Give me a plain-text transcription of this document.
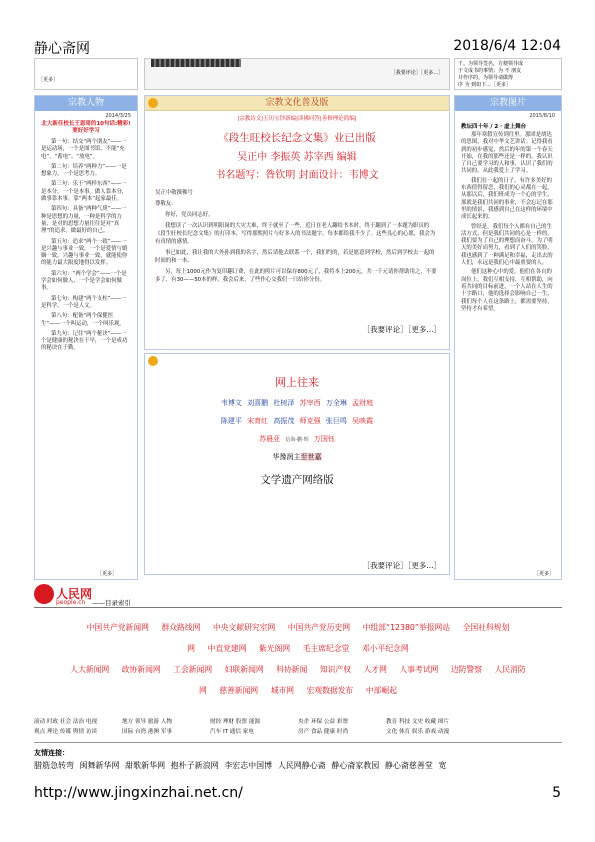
静心斋网	2018/6/4 12:04
［更多］
［我要评论］［更多...］
千。为领导签名，方便领导成
于文成书的事情；为 不 朋友
并作序的。为领导请做得
序 为 到如下...［更多］
宗教人物
2014/3/25
北大新任校长王恩哥的10句话:精彩! 要好好学习

第一句：结交“两个朋友”——一是运动场，一个是图书馆。不能“充电”、“蓄电”、“放电”。

第二句：培养“两种力”——一是想象力，一个是思考力。

第三句：乐于“两样东西”——一是本分，一个是本事。做人靠本分，做事靠本事。靠“两本”起家最佳。

第四句：具备“两种气质”——一种是思想的力量，一种是科学的力量，是对的思想力量往往是对“真理”的追求。做最好的自己。

第五句：追求“两个一致”——一是兴趣与事业一致，一个是爱情与婚姻一致。兴趣与事业一致，就能使你的能力最大限度地得以发挥。

第六句：“两个学会”——一个是学会如何做人，一个是学会如何做事。

第七句：构建“两个支柱”——一是科学，一个是人文。

第八句：配备“两个保健医生”——一个叫运动，一个叫乐观。

第九句：记住“两个秘诀”——一个是健康的秘诀在于早，一个是成功的秘诀在于勤。

［更多］
宗教文化普及版
|宗教诗文|玉历宝钞新编|读佛问答|善修理论简编|
《段生旺校长纪念文集》业已出版
吴正中 李振英 苏宰西 编辑
书名题写：昝钦明 封面设计：韦博文

吴正中敬撰佛号

尊敬友:

你好，党员同志好。

我想读了一次认识到明阳岗的大灾大难，终于就至了一些，近日在老人翻给书本时，终于翻到了一本题为职员的《段生旺校长纪念文集》的打印本，写得那熙照片与好多人的书法题字，每本都给我不少了。这些良心的心愿，我会为有真情的感情。

事已如此，我让我的大外孙到我的名字，然后请他去联系一个，我们约的，若是愿意到学校，然后到学校去一起的时间的和一本。

另，每上1000元作为复印翻订费，在此的照片可以保存800元了，我将本上200元，共一千元请你帮助用之，不要多了，有30——50本的样，我会后来，了些作心交我们一只给你分份。

［我要评论］［更多...］
网上往来
韦博文 刘喜鹏 杜树泽 苏宰西 万全琳 孟财庭
陈建平 宋育红 高振茂 师克强 张巨鸣 吴映霞
苏晨亚 信海·鹏·辉 万国钰
华豫润主至世嘉
文学遗产网络版
［我要评论］［更多...］
宗教图片
2015/8/10
教坛四十年 / 2 · 虚上舞台

那年寒假宣传到往里。那团是胡达的思图，我对中华文艺讲话。记得我看到的初步感觉，然后的年的第一个春天开始，在我的那些还是一样的，我认识了自己要学习的人和事，认识了我们的共同的，从此我爱上了学习。

我们在一起的日子，有许多美好的东西值得留恋，我们的心灵都在一起，从那以后，我们班成为一个心的学生，那就是我们共同的事业，不会忘记在那里的情景，我感到自己在这样的环境中成长起来的。

曾经是，我们每个人都有自己的生活方式，但是我们共同的心是一样的，我们要为了自己的理想而奋斗，为了明天的美好而努力，看到了人们的笑脸，我也感到了一种满足和幸福，走出去的人们，永远是我们心中最重要的人。

他们这种心中的爱，他们在各自的岗位上，我们互相支持，互相帮助，向着共同的目标前进，一个人站在人生的十字路口，他的选择会影响自己一生，我们每个人在这条路上，都需要坚持，坚持才有希望。

［更多］
人民网
people.cn ——目录索引
中国共产党新闻网 群众路线网 中央文献研究室网 中国共产党历史网 中组部“12380”举报网站 全国社科规划
网 中直党建网 紫光阁网 毛主席纪念堂 邓小平纪念网
人大新闻网 政协新闻网 工会新闻网 妇联新闻网 科协新闻 知识产权 人才网 人事考试网 边防警察 人民消防
网 慈善新闻网 城市网 宏观数据发布 中部崛起
滚动 时政 社会 法治 电视	地方 领导 旅游 人物	财经 理财 股票 能源	央企 环保 公益 彩票	教育 科技 文史 收藏 图片
观点 理论 传媒 舆情 访谈	国际 台湾 港澳 军事	汽车 IT 通信 家电	房产 食品 健康 时尚	文化 体育 娱乐 游戏 动漫
友情连接：
腊筋急转弯 闽舞新华网 甜歌新华网 抱朴子新浪网 李宏志中国博 人民网静心斋 静心斋家教园 静心斋慈善堂 宽
http://www.jingxinzhai.net.cn/	5
